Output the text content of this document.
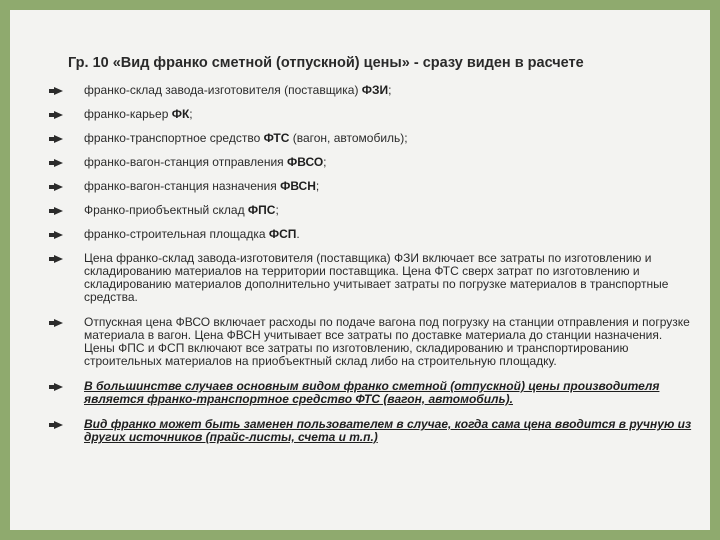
Гр. 10 «Вид франко сметной (отпускной) цены» - сразу виден в расчете
франко-склад завода-изготовителя (поставщика) ФЗИ;
франко-карьер ФК;
франко-транспортное средство ФТС (вагон, автомобиль);
франко-вагон-станция отправления ФВСО;
франко-вагон-станция назначения ФВСН;
Франко-приобъектный склад ФПС;
франко-строительная площадка ФСП.
Цена франко-склад завода-изготовителя (поставщика) ФЗИ включает все затраты по изготовлению и складированию материалов на территории поставщика. Цена ФТС сверх затрат по изготовлению и складированию материалов дополнительно учитывает затраты по погрузке материалов в транспортные средства.
Отпускная цена ФВСО включает расходы по подаче вагона под погрузку на станции отправления и погрузке материала в вагон. Цена ФВСН учитывает все затраты по доставке материала до станции назначения. Цены ФПС и ФСП включают все затраты по изготовлению, складированию и транспортированию строительных материалов на приобъектный склад либо на строительную площадку.
В большинстве случаев основным видом франко сметной (отпускной) цены производителя является франко-транспортное средство ФТС (вагон, автомобиль).
Вид франко может быть заменен пользователем в случае, когда сама цена вводится в ручную из других источников (прайс-листы, счета и т.п.)
